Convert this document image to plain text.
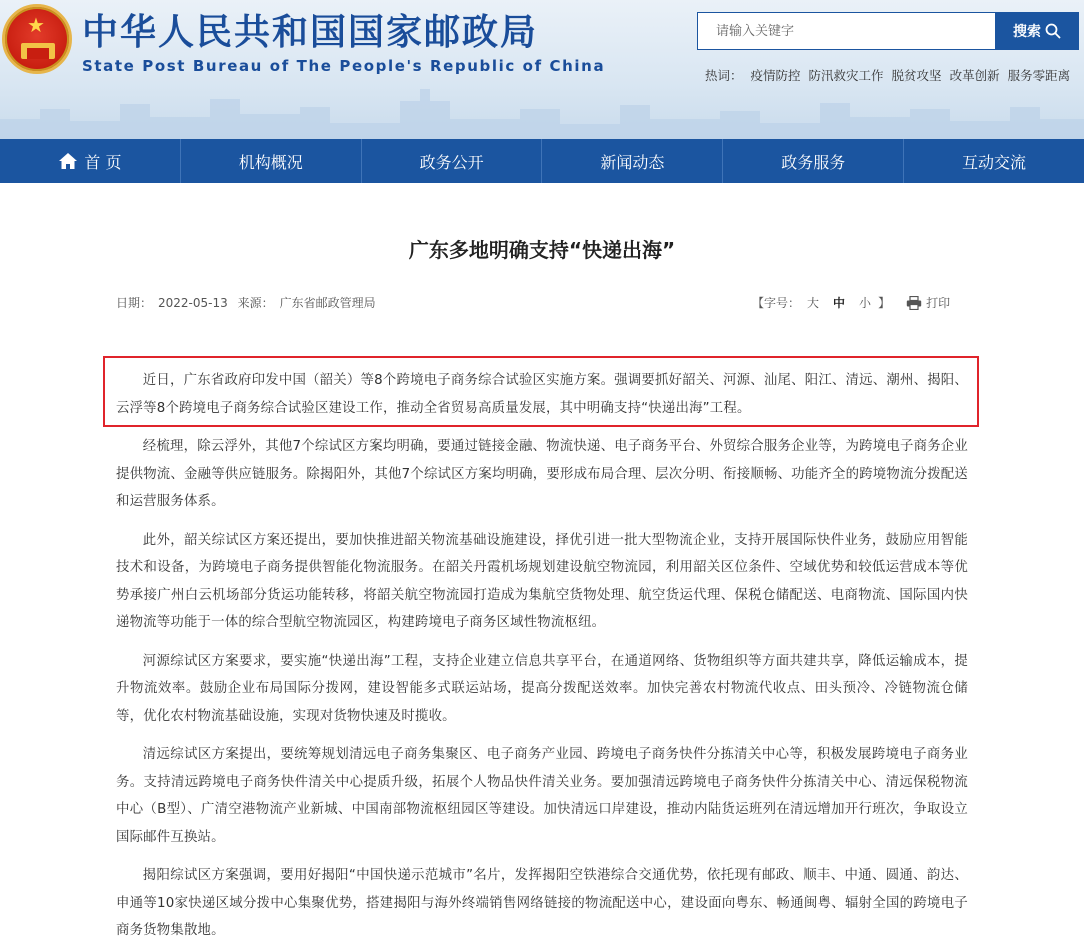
★ 中华人民共和国国家邮政局
State Post Bureau of The People's Republic of China
请输入关键字
搜索
热词： 疫情防控 防汛救灾工作 脱贫攻坚 改革创新 服务零距离
首 页	机构概况	政务公开	新闻动态	政务服务	互动交流
广东多地明确支持“快递出海”
日期： 2022-05-13 来源： 广东省邮政管理局	【字号： 大 中 小 】	打印

近日，广东省政府印发中国（韶关）等8个跨境电子商务综合试验区实施方案。强调要抓好韶关、河源、汕尾、阳江、清远、潮州、揭阳、云浮等8个跨境电子商务综合试验区建设工作，推动全省贸易高质量发展，其中明确支持“快递出海”工程。

经梳理，除云浮外，其他7个综试区方案均明确，要通过链接金融、物流快递、电子商务平台、外贸综合服务企业等，为跨境电子商务企业提供物流、金融等供应链服务。除揭阳外，其他7个综试区方案均明确，要形成布局合理、层次分明、衔接顺畅、功能齐全的跨境物流分拨配送和运营服务体系。

此外，韶关综试区方案还提出，要加快推进韶关物流基础设施建设，择优引进一批大型物流企业，支持开展国际快件业务，鼓励应用智能技术和设备，为跨境电子商务提供智能化物流服务。在韶关丹霞机场规划建设航空物流园，利用韶关区位条件、空域优势和较低运营成本等优势承接广州白云机场部分货运功能转移，将韶关航空物流园打造成为集航空货物处理、航空货运代理、保税仓储配送、电商物流、国际国内快递物流等功能于一体的综合型航空物流园区，构建跨境电子商务区域性物流枢纽。

河源综试区方案要求，要实施“快递出海”工程，支持企业建立信息共享平台，在通道网络、货物组织等方面共建共享，降低运输成本，提升物流效率。鼓励企业布局国际分拨网，建设智能多式联运站场，提高分拨配送效率。加快完善农村物流代收点、田头预冷、冷链物流仓储等，优化农村物流基础设施，实现对货物快速及时揽收。

清远综试区方案提出，要统筹规划清远电子商务集聚区、电子商务产业园、跨境电子商务快件分拣清关中心等，积极发展跨境电子商务业务。支持清远跨境电子商务快件清关中心提质升级，拓展个人物品快件清关业务。要加强清远跨境电子商务快件分拣清关中心、清远保税物流中心（B型）、广清空港物流产业新城、中国南部物流枢纽园区等建设。加快清远口岸建设，推动内陆货运班列在清远增加开行班次，争取设立国际邮件互换站。

揭阳综试区方案强调，要用好揭阳“中国快递示范城市”名片，发挥揭阳空铁港综合交通优势，依托现有邮政、顺丰、中通、圆通、韵达、申通等10家快递区域分拨中心集聚优势，搭建揭阳与海外终端销售网络链接的物流配送中心，建设面向粤东、畅通闽粤、辐射全国的跨境电子商务货物集散地。
